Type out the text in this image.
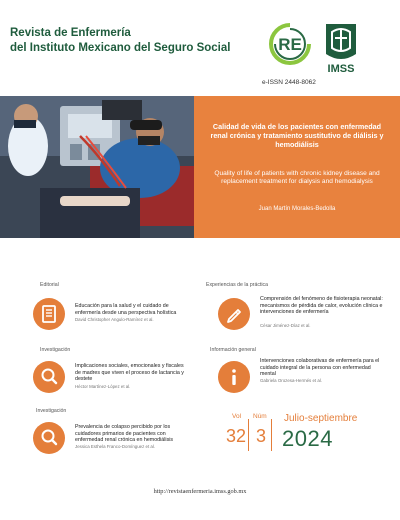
Revista de Enfermería
del Instituto Mexicano del Seguro Social	RE
IMSS
e-ISSN 2448-8062
Calidad de vida de los pacientes con enfermedad renal crónica y tratamiento sustitutivo de diálisis y hemodiálisis
Quality of life of patients with chronic kidney disease and replacement treatment for dialysis and hemodialysis
Juan Martín Morales-Bedolla
Editorial
Educación para la salud y el cuidado de enfermería desde una perspectiva holística
David Christopher Angulo-Ramírez et al.
Experiencias de la práctica
Comprensión del fenómeno de fisioterapia neonatal: mecanismos de pérdida de calor, evolución clínica e intervenciones de enfermería
César Jiménez-Díaz et al.
Investigación
Implicaciones sociales, emocionales y fiscales de madres que viven el proceso de lactancia y destete
Héctor Martínez-López et al.
Información general
Intervenciones colaborativas de enfermería para el cuidado integral de la persona con enfermedad mental
Gabriela Orozesa-Hermés et al.
Investigación
Prevalencia de colapso percibido por los cuidadores primarios de pacientes con enfermedad renal crónica en hemodiálisis
Jessica Esthela Franco-Domínguez et al.
Vol
32
Núm
3
Julio-septiembre
2024
http://revistaenfermeria.imss.gob.mx
